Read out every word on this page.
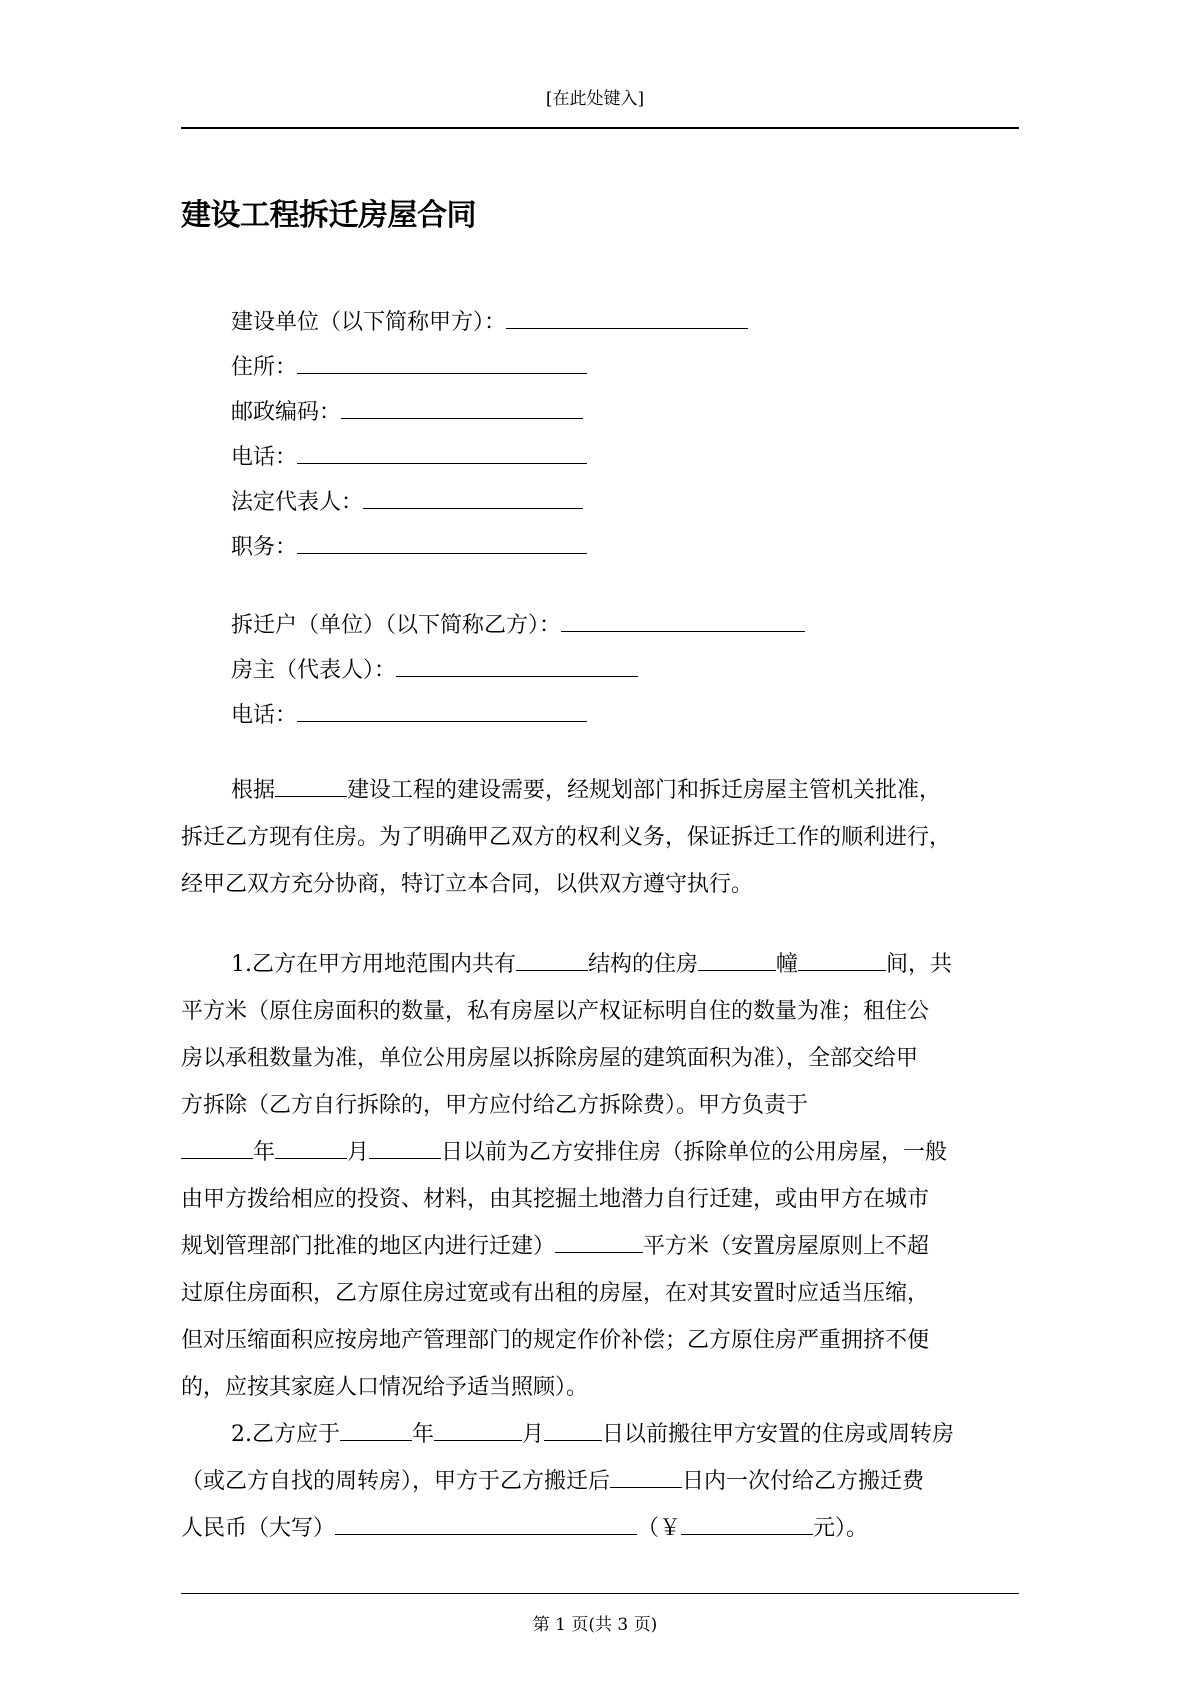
[在此处键入]
建设工程拆迁房屋合同
建设单位（以下简称甲方）：
住所：
邮政编码：
电话：
法定代表人：
职务：
拆迁户（单位）（以下简称乙方）：
房主（代表人）：
电话：
根据	建设工程的建设需要，经规划部门和拆迁房屋主管机关批准，
拆迁乙方现有住房。为了明确甲乙双方的权利义务，保证拆迁工作的顺利进行，
经甲乙双方充分协商，特订立本合同，以供双方遵守执行。
1.乙方在甲方用地范围内共有	结构的住房	幢	间，共
平方米（原住房面积的数量，私有房屋以产权证标明自住的数量为准；租住公
房以承租数量为准，单位公用房屋以拆除房屋的建筑面积为准），全部交给甲
方拆除（乙方自行拆除的，甲方应付给乙方拆除费）。甲方负责于
年	月	日以前为乙方安排住房（拆除单位的公用房屋，一般
由甲方拨给相应的投资、材料，由其挖掘土地潜力自行迁建，或由甲方在城市
规划管理部门批准的地区内进行迁建）	平方米（安置房屋原则上不超
过原住房面积，乙方原住房过宽或有出租的房屋，在对其安置时应适当压缩，
但对压缩面积应按房地产管理部门的规定作价补偿；乙方原住房严重拥挤不便
的，应按其家庭人口情况给予适当照顾）。
2.乙方应于	年	月	日以前搬往甲方安置的住房或周转房
（或乙方自找的周转房），甲方于乙方搬迁后	日内一次付给乙方搬迁费
人民币（大写）	（￥	元）。
第 1 页(共 3 页)
